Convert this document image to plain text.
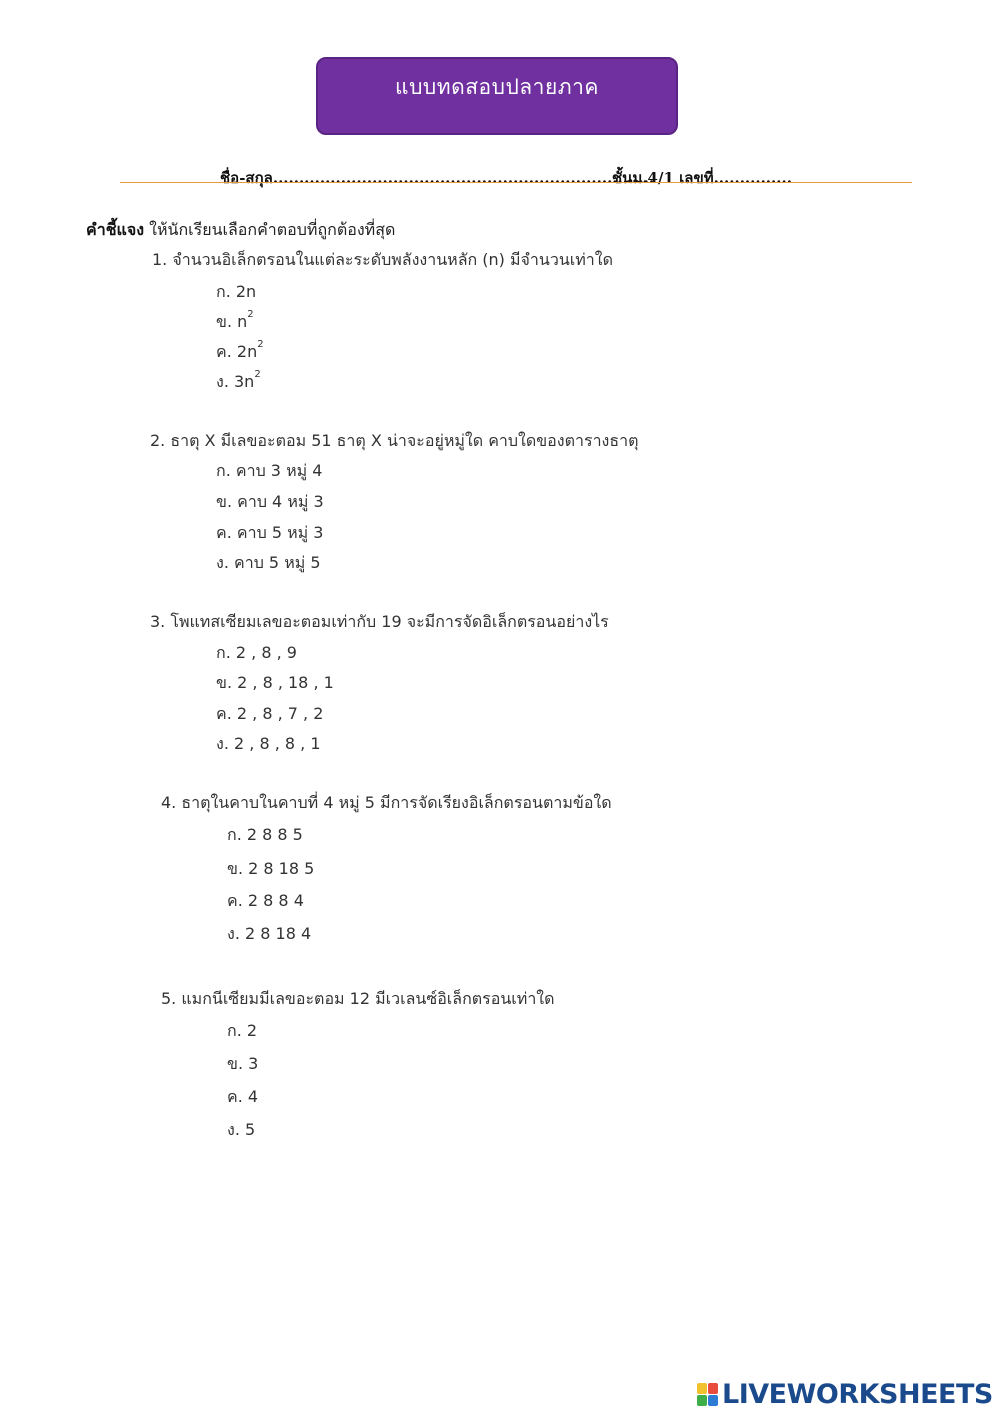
แบบทดสอบปลายภาค
ชื่อ-สกุล.........................................................................
ชั้นม.4/1 เลขที่...............
คำชี้แจง ให้นักเรียนเลือกคำตอบที่ถูกต้องที่สุด
1. จำนวนอิเล็กตรอนในแต่ละระดับพลังงานหลัก (n) มีจำนวนเท่าใด
ก. 2n
ข. $n^2$
ค. $2n^2$
ง. $3n^2$
2. ธาตุ X มีเลขอะตอม 51 ธาตุ X น่าจะอยู่หมู่ใด คาบใดของตารางธาตุ
ก. คาบ 3 หมู่ 4
ข. คาบ 4 หมู่ 3
ค. คาบ 5 หมู่ 3
ง. คาบ 5 หมู่ 5
3. โพแทสเซียมเลขอะตอมเท่ากับ 19 จะมีการจัดอิเล็กตรอนอย่างไร
ก. 2 , 8 , 9
ข. 2 , 8 , 18 , 1
ค. 2 , 8 , 7 , 2
ง. 2 , 8 , 8 , 1
4. ธาตุในคาบในคาบที่ 4 หมู่ 5 มีการจัดเรียงอิเล็กตรอนตามข้อใด
ก. 2 8 8 5
ข. 2 8 18 5
ค. 2 8 8 4
ง. 2 8 18 4
5. แมกนีเซียมมีเลขอะตอม 12 มีเวเลนซ์อิเล็กตรอนเท่าใด
ก. 2
ข. 3
ค. 4
ง. 5
LIVEWORKSHEETS
